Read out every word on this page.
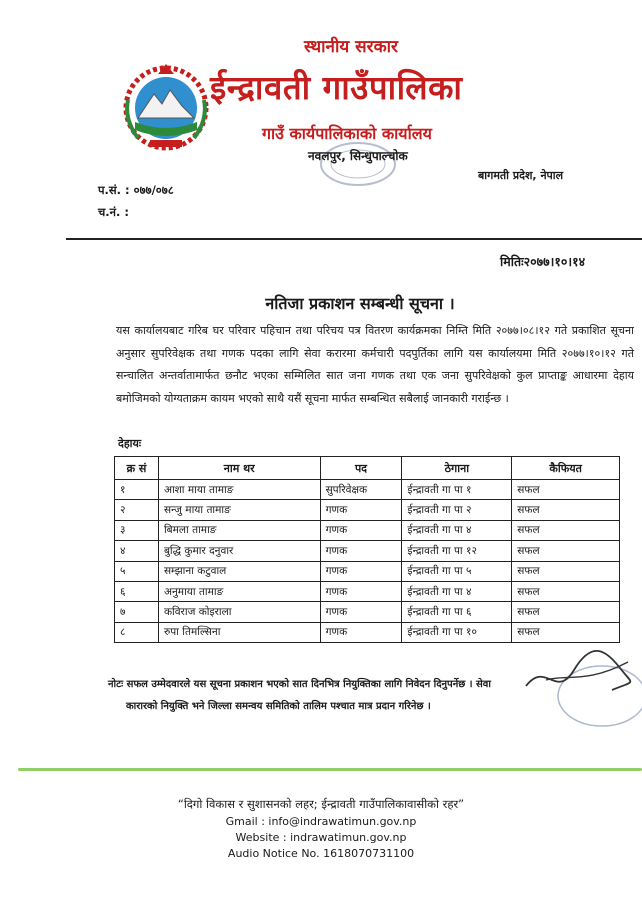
स्थानीय सरकार
ईन्द्रावती गाउँपालिका
गाउँ कार्यपालिकाको कार्यालय
नवलपुर, सिन्धुपाल्चोक
बागमती प्रदेश, नेपाल
प.सं. : ०७७/०७८
च.नं. :
मितिः२०७७।१०।१४
नतिजा प्रकाशन सम्बन्धी सूचना ।
यस कार्यालयबाट गरिब घर परिवार पहिचान तथा परिचय पत्र वितरण कार्यक्रमका निम्ति मिति २०७७।०८।१२ गते प्रकाशित सूचना अनुसार सुपरिवेक्षक तथा गणक पदका लागि सेवा करारमा कर्मचारी पदपुर्तिका लागि यस कार्यालयमा मिति २०७७।१०।१२ गते सन्चालित अन्तर्वातामार्फत छनौट भएका सम्मिलित सात जना गणक तथा एक जना सुपरिवेक्षको कुल प्राप्ताङ्क आधारमा देहाय बमोजिमको योग्यताक्रम कायम भएको साथै यसैं सूचना मार्फत सम्बन्धित सबैलाई जानकारी गराईन्छ ।
देहायः
क्र सं	नाम थर	पद	ठेगाना	कैफियत
१	आशा माया तामाङ	सुपरिवेक्षक	ईन्द्रावती गा पा १	सफल
२	सन्जु माया तामाङ	गणक	ईन्द्रावती गा पा २	सफल
३	बिमला तामाङ	गणक	ईन्द्रावती गा पा ४	सफल
४	बुद्धि कुमार दनुवार	गणक	ईन्द्रावती गा पा १२	सफल
५	सम्झाना कटुवाल	गणक	ईन्द्रावती गा पा ५	सफल
६	अनुमाया तामाङ	गणक	ईन्द्रावती गा पा ४	सफल
७	कविराज कोइराला	गणक	ईन्द्रावती गा पा ६	सफल
८	रुपा तिमल्सिना	गणक	ईन्द्रावती गा पा १०	सफल
नोटः सफल उम्मेदवारले यस सूचना प्रकाशन भएको सात दिनभित्र नियुक्तिका लागि निवेदन दिनुपर्नेछ । सेवा
कारारको नियुक्ति भने जिल्ला समन्वय समितिको तालिम पश्चात मात्र प्रदान गरिनेछ ।
“दिगो विकास र सुशासनको लहर; ईन्द्रावती गाउँपालिकावासीको रहर”
Gmail : info@indrawatimun.gov.np
Website : indrawatimun.gov.np
Audio Notice No. 1618070731100
